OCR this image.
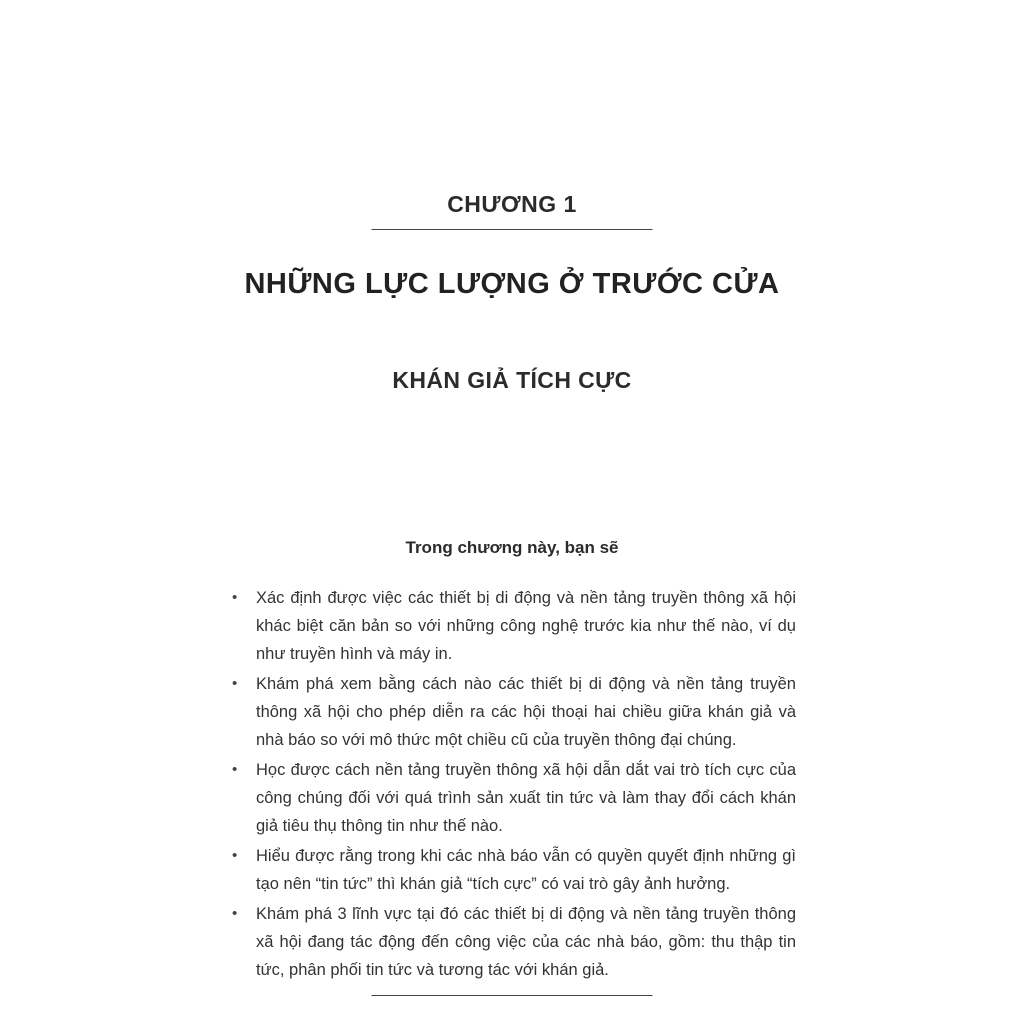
CHƯƠNG 1
NHỮNG LỰC LƯỢNG Ở TRƯỚC CỬA
KHÁN GIẢ TÍCH CỰC
Trong chương này, bạn sẽ
•	Xác định được việc các thiết bị di động và nền tảng truyền thông xã hội khác biệt căn bản so với những công nghệ trước kia như thế nào, ví dụ như truyền hình và máy in.
•	Khám phá xem bằng cách nào các thiết bị di động và nền tảng truyền thông xã hội cho phép diễn ra các hội thoại hai chiều giữa khán giả và nhà báo so với mô thức một chiều cũ của truyền thông đại chúng.
•	Học được cách nền tảng truyền thông xã hội dẫn dắt vai trò tích cực của công chúng đối với quá trình sản xuất tin tức và làm thay đổi cách khán giả tiêu thụ thông tin như thế nào.
•	Hiểu được rằng trong khi các nhà báo vẫn có quyền quyết định những gì tạo nên “tin tức” thì khán giả “tích cực” có vai trò gây ảnh hưởng.
•	Khám phá 3 lĩnh vực tại đó các thiết bị di động và nền tảng truyền thông xã hội đang tác động đến công việc của các nhà báo, gồm: thu thập tin tức, phân phối tin tức và tương tác với khán giả.
